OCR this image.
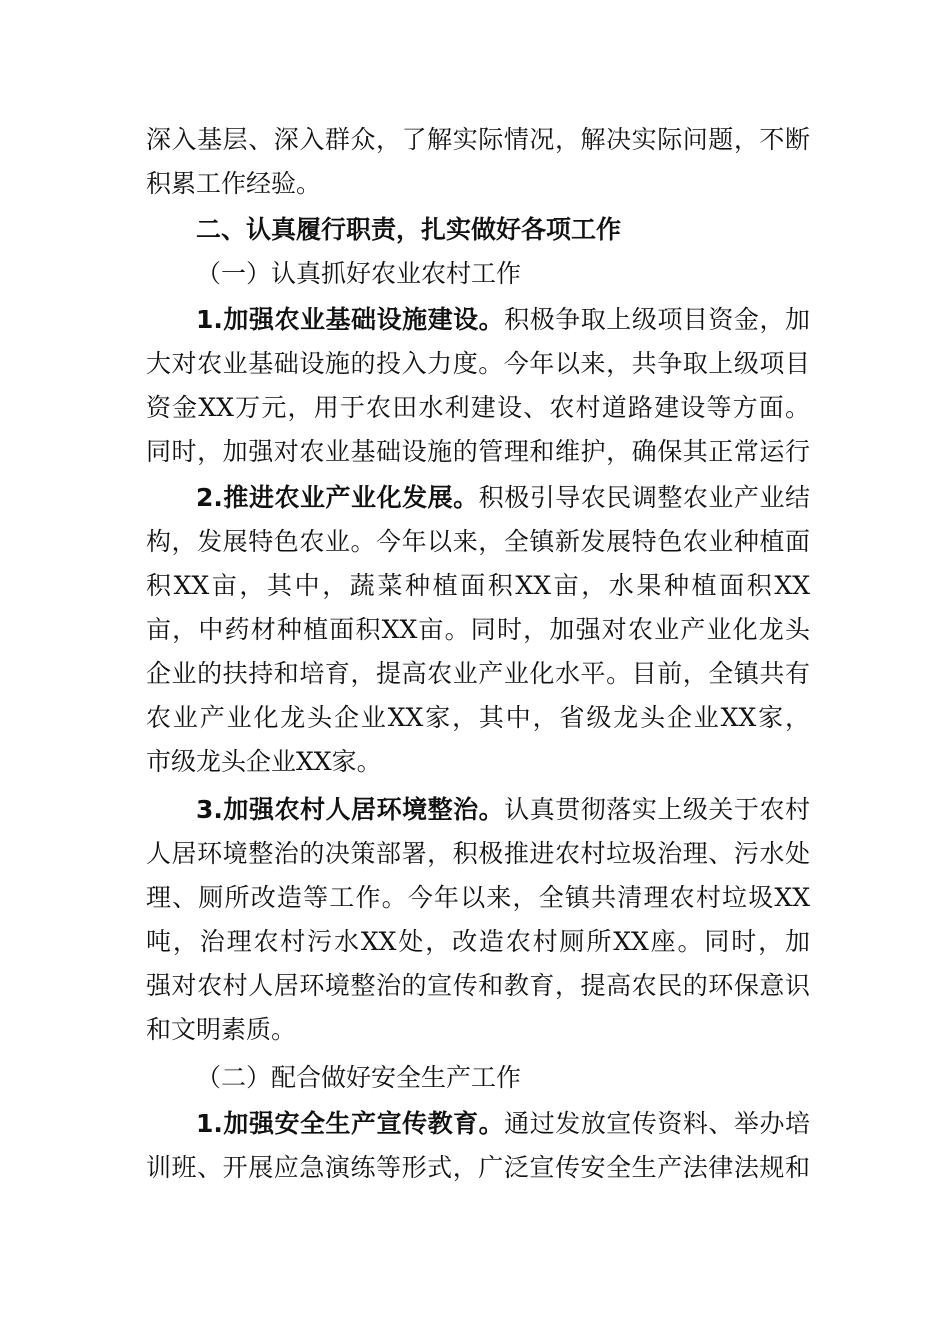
深入基层、深入群众，了解实际情况，解决实际问题，不断
积累工作经验。
二、认真履行职责，扎实做好各项工作
（一）认真抓好农业农村工作
1.加强农业基础设施建设。积极争取上级项目资金，加
大对农业基础设施的投入力度。今年以来，共争取上级项目
资金XX万元，用于农田水利建设、农村道路建设等方面。
同时，加强对农业基础设施的管理和维护，确保其正常运行
2.推进农业产业化发展。积极引导农民调整农业产业结
构，发展特色农业。今年以来，全镇新发展特色农业种植面
积XX亩，其中，蔬菜种植面积XX亩，水果种植面积XX
亩，中药材种植面积XX亩。同时，加强对农业产业化龙头
企业的扶持和培育，提高农业产业化水平。目前，全镇共有
农业产业化龙头企业XX家，其中，省级龙头企业XX家，
市级龙头企业XX家。
3.加强农村人居环境整治。认真贯彻落实上级关于农村
人居环境整治的决策部署，积极推进农村垃圾治理、污水处
理、厕所改造等工作。今年以来，全镇共清理农村垃圾XX
吨，治理农村污水XX处，改造农村厕所XX座。同时，加
强对农村人居环境整治的宣传和教育，提高农民的环保意识
和文明素质。
（二）配合做好安全生产工作
1.加强安全生产宣传教育。通过发放宣传资料、举办培
训班、开展应急演练等形式，广泛宣传安全生产法律法规和
